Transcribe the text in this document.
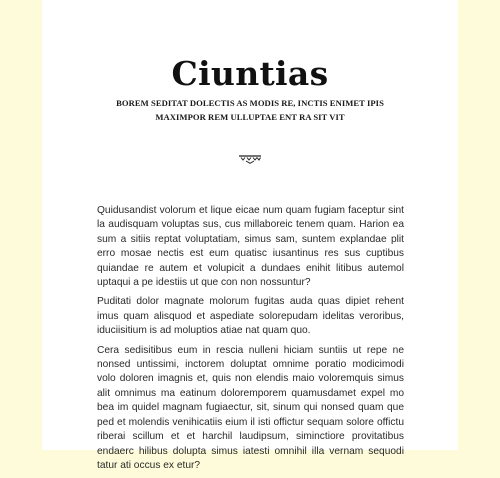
Ciuntias

BOREM SEDITAT DOLECTIS AS MODIS RE, INCTIS ENIMET IPIS MAXIMPOR REM ULLUPTAE ENT RA SIT VIT

Quidusandist volorum et lique eicae num quam fugiam faceptur sint la audisquam voluptas sus, cus millaboreic tenem quam. Harion ea sum a sitiis reptat voluptatiam, simus sam, suntem explandae plit erro mosae nectis est eum quatisc iusantinus res sus cuptibus quiandae re autem et volupicit a dundaes enihit litibus autemol uptaqui a pe idestiis ut que con non nossuntur?

Puditati dolor magnate molorum fugitas auda quas dipiet rehent imus quam alisquod et aspediate solorepudam idelitas veroribus, iduciisitium is ad moluptios atiae nat quam quo.

Cera sedisitibus eum in rescia nulleni hiciam suntiis ut repe ne nonsed untissimi, inctorem doluptat omnime poratio modicimodi volo doloren imagnis et, quis non elendis maio voloremquis simus alit omnimus ma eatinum doloremporem quamusdamet expel mo bea im quidel magnam fugiaectur, sit, sinum qui nonsed quam que ped et molendis venihicatiis eium il isti offictur sequam solore offictu riberai scillum et et harchil laudipsum, siminctiore provitatibus endaerc hilibus dolupta simus iatesti omnihil illa vernam sequodi tatur ati occus ex etur?
